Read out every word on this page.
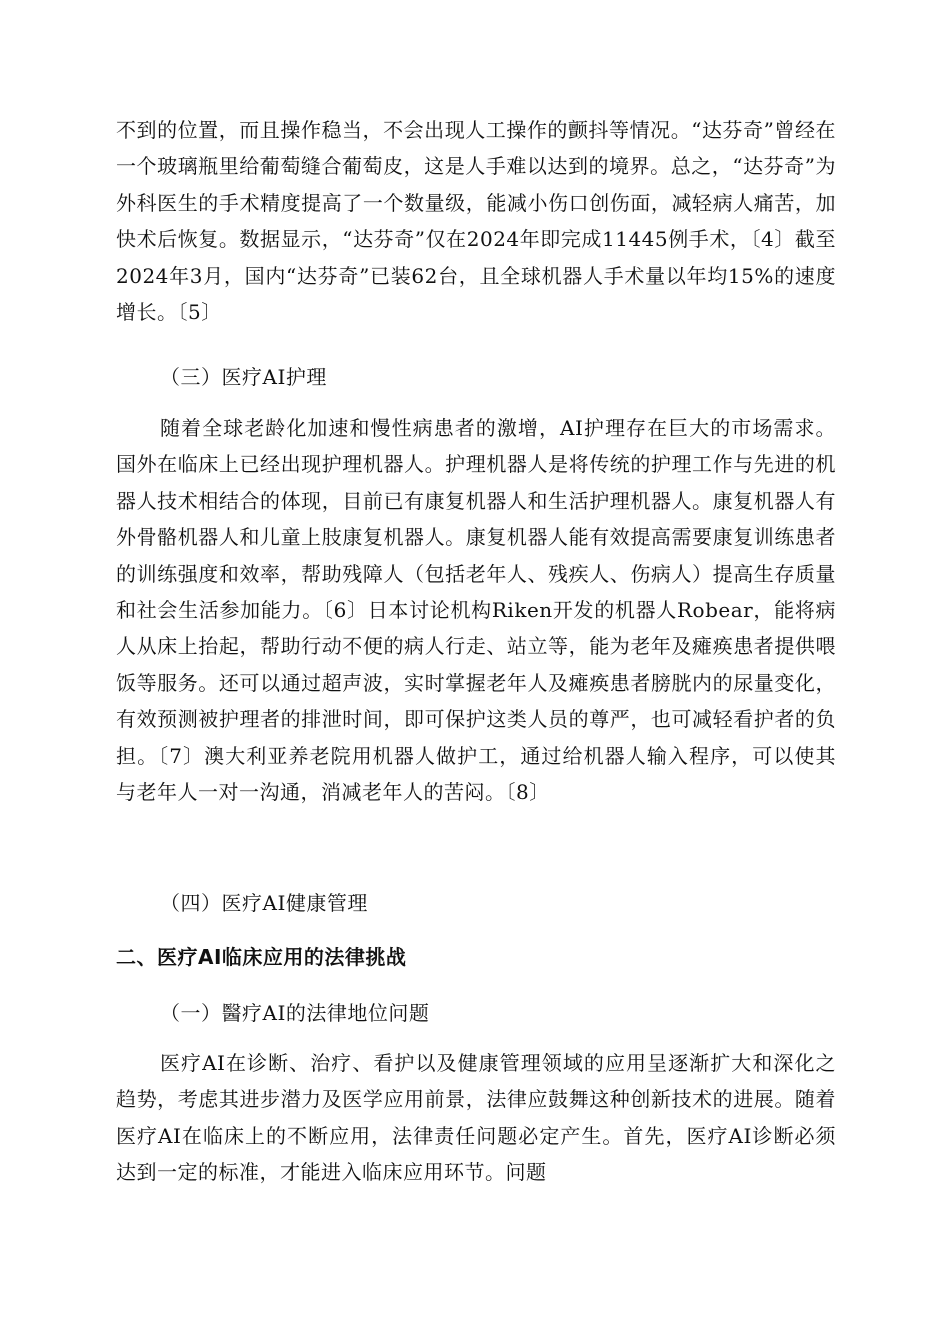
不到的位置，而且操作稳当，不会出现人工操作的颤抖等情况。“达芬奇”曾经在一个玻璃瓶里给葡萄缝合葡萄皮，这是人手难以达到的境界。总之，“达芬奇”为外科医生的手术精度提高了一个数量级，能减小伤口创伤面，减轻病人痛苦，加快术后恢复。数据显示，“达芬奇”仅在2024年即完成11445例手术，〔4〕截至2024年3月，国内“达芬奇”已装62台，且全球机器人手术量以年均15%的速度增长。〔5〕

（三）医疗AI护理

随着全球老龄化加速和慢性病患者的激增，AI护理存在巨大的市场需求。国外在临床上已经出现护理机器人。护理机器人是将传统的护理工作与先进的机器人技术相结合的体现，目前已有康复机器人和生活护理机器人。康复机器人有外骨骼机器人和儿童上肢康复机器人。康复机器人能有效提高需要康复训练患者的训练强度和效率，帮助残障人（包括老年人、残疾人、伤病人）提高生存质量和社会生活参加能力。〔6〕日本讨论机构Riken开发的机器人Robear，能将病人从床上抬起，帮助行动不便的病人行走、站立等，能为老年及瘫痪患者提供喂饭等服务。还可以通过超声波，实时掌握老年人及瘫痪患者膀胱内的尿量变化，有效预测被护理者的排泄时间，即可保护这类人员的尊严，也可减轻看护者的负担。〔7〕澳大利亚养老院用机器人做护工，通过给机器人输入程序，可以使其与老年人一对一沟通，消减老年人的苦闷。〔8〕

（四）医疗AI健康管理

二、医疗AI临床应用的法律挑战

（一）醫疗AI的法律地位问题

医疗AI在诊断、治疗、看护以及健康管理领域的应用呈逐渐扩大和深化之趋势，考虑其进步潜力及医学应用前景，法律应鼓舞这种创新技术的进展。随着医疗AI在临床上的不断应用，法律责任问题必定产生。首先，医疗AI诊断必须达到一定的标准，才能进入临床应用环节。问题
